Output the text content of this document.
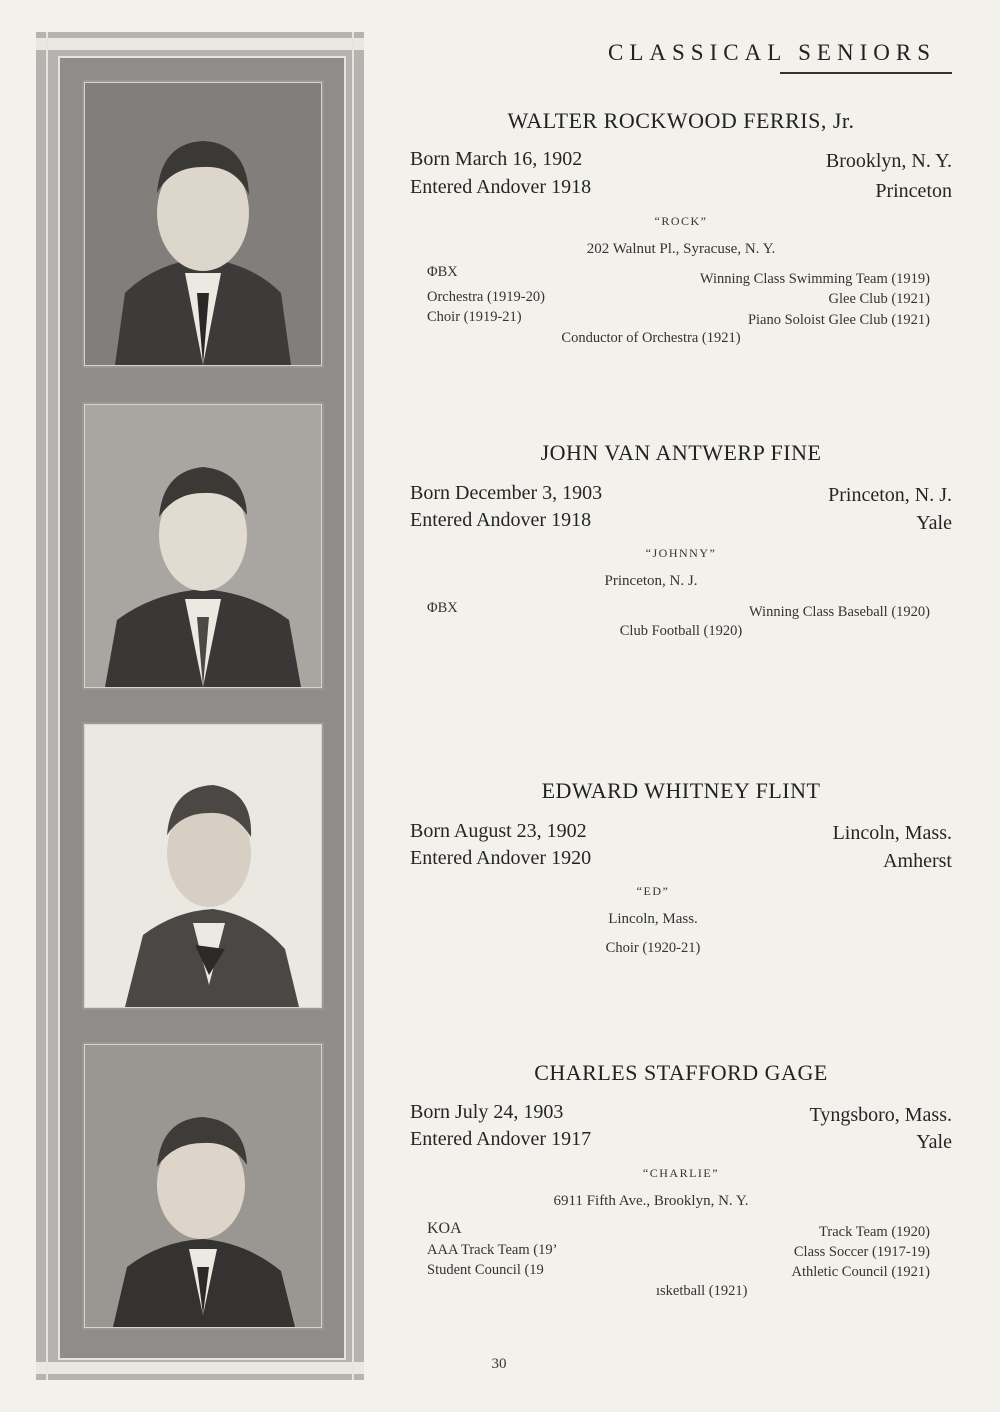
CLASSICAL SENIORS
WALTER ROCKWOOD FERRIS, Jr.
Born March 16, 1902	Brooklyn, N. Y.
Entered Andover 1918	Princeton
“ROCK”
202 Walnut Pl., Syracuse, N. Y.
ΦBX
Orchestra (1919-20)
Choir (1919-21)
Winning Class Swimming Team (1919)
Glee Club (1921)
Piano Soloist Glee Club (1921)
Conductor of Orchestra (1921)
JOHN VAN ANTWERP FINE
Born December 3, 1903	Princeton, N. J.
Entered Andover 1918	Yale
“JOHNNY”
Princeton, N. J.
ΦBX	Winning Class Baseball (1920)
Club Football (1920)
EDWARD WHITNEY FLINT
Born August 23, 1902	Lincoln, Mass.
Entered Andover 1920	Amherst
“ED”
Lincoln, Mass.
Choir (1920-21)
CHARLES STAFFORD GAGE
Born July 24, 1903	Tyngsboro, Mass.
Entered Andover 1917	Yale
“CHARLIE”
6911 Fifth Ave., Brooklyn, N. Y.
KOA
AAA Track Team (19’
Student Council (19
Track Team (1920)
Class Soccer (1917-19)
Athletic Council (1921)
ısketball (1921)
30
